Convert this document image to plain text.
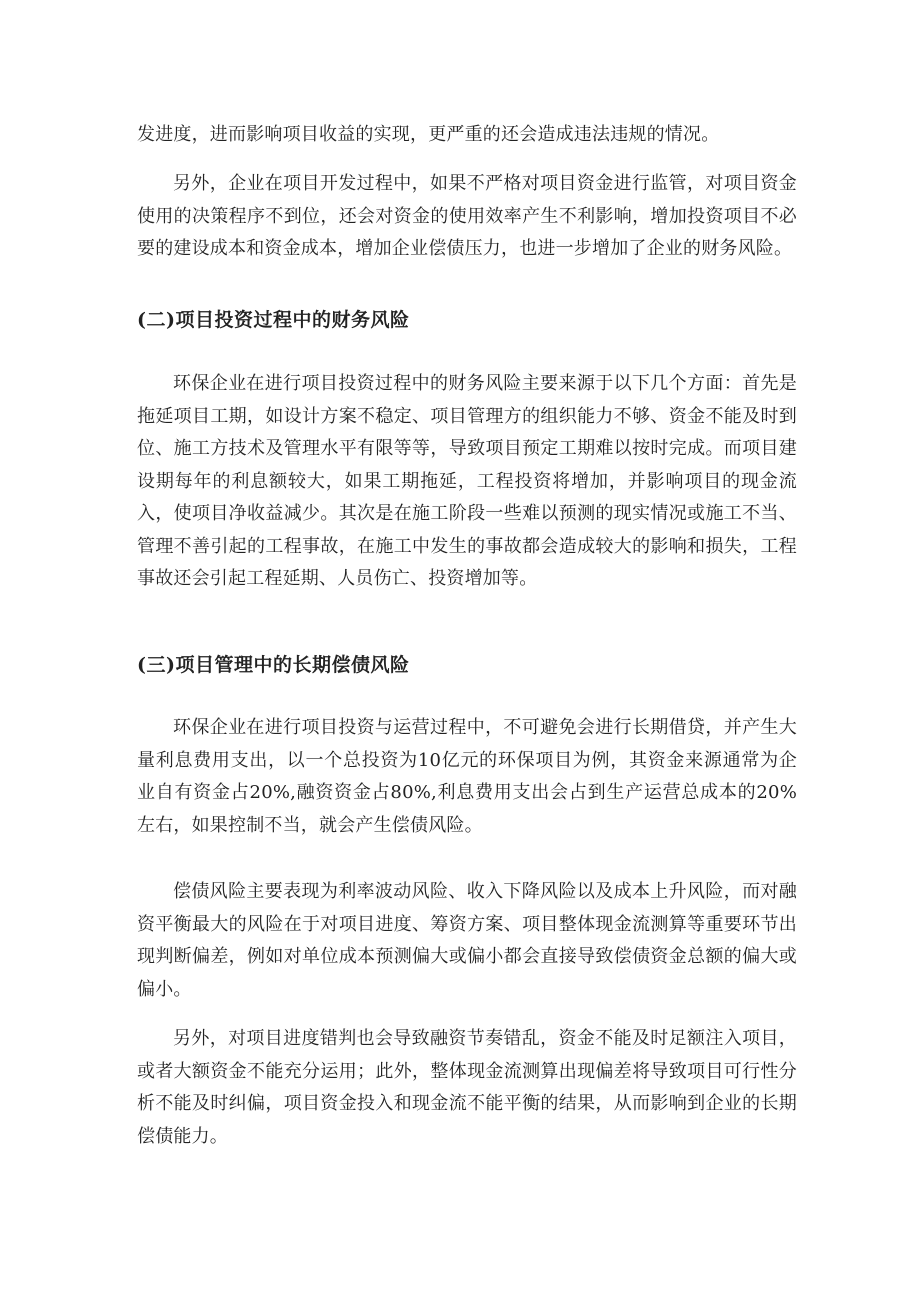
发进度，进而影响项目收益的实现，更严重的还会造成违法违规的情况。

另外，企业在项目开发过程中，如果不严格对项目资金进行监管，对项目资金使用的决策程序不到位，还会对资金的使用效率产生不利影响，增加投资项目不必要的建设成本和资金成本，增加企业偿债压力，也进一步增加了企业的财务风险。

(二)项目投资过程中的财务风险

环保企业在进行项目投资过程中的财务风险主要来源于以下几个方面：首先是拖延项目工期，如设计方案不稳定、项目管理方的组织能力不够、资金不能及时到位、施工方技术及管理水平有限等等，导致项目预定工期难以按时完成。而项目建设期每年的利息额较大，如果工期拖延，工程投资将增加，并影响项目的现金流入，使项目净收益减少。其次是在施工阶段一些难以预测的现实情况或施工不当、管理不善引起的工程事故，在施工中发生的事故都会造成较大的影响和损失，工程事故还会引起工程延期、人员伤亡、投资增加等。

(三)项目管理中的长期偿债风险

环保企业在进行项目投资与运营过程中，不可避免会进行长期借贷，并产生大量利息费用支出，以一个总投资为10亿元的环保项目为例，其资金来源通常为企业自有资金占20%,融资资金占80%,利息费用支出会占到生产运营总成本的20%左右，如果控制不当，就会产生偿债风险。

偿债风险主要表现为利率波动风险、收入下降风险以及成本上升风险，而对融资平衡最大的风险在于对项目进度、筹资方案、项目整体现金流测算等重要环节出现判断偏差，例如对单位成本预测偏大或偏小都会直接导致偿债资金总额的偏大或偏小。

另外，对项目进度错判也会导致融资节奏错乱，资金不能及时足额注入项目，或者大额资金不能充分运用；此外，整体现金流测算出现偏差将导致项目可行性分析不能及时纠偏，项目资金投入和现金流不能平衡的结果，从而影响到企业的长期偿债能力。
